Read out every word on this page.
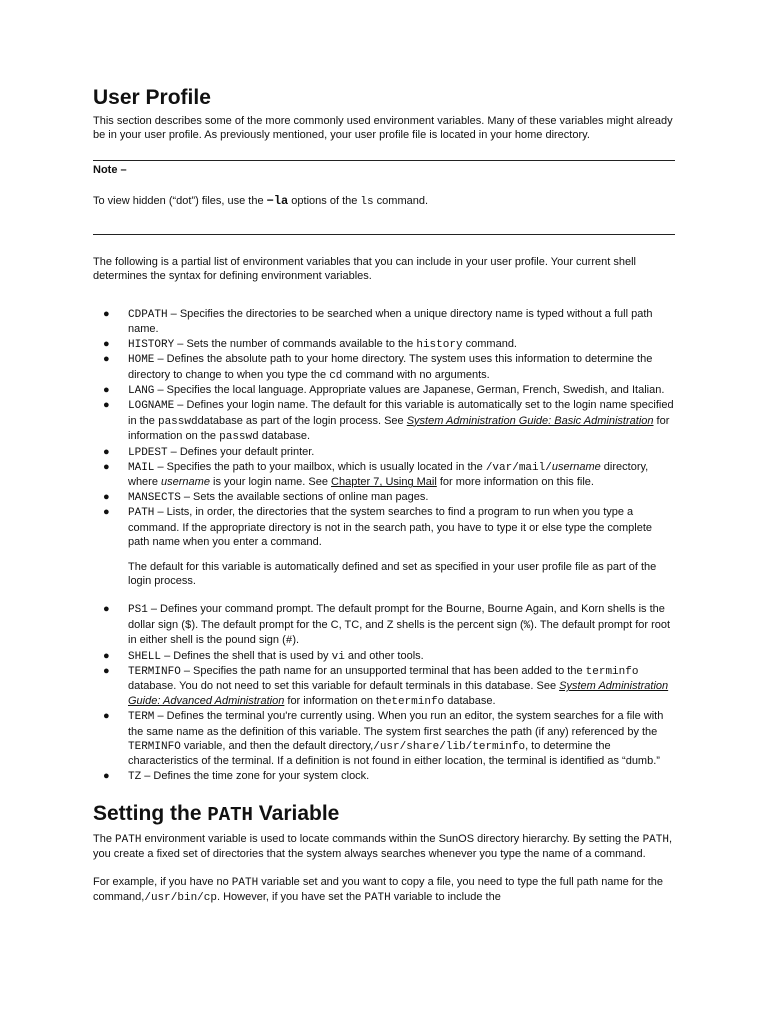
User Profile

This section describes some of the more commonly used environment variables. Many of these variables might already be in your user profile. As previously mentioned, your user profile file is located in your home directory.

Note –

To view hidden (“dot”) files, use the −la options of the ls command.

The following is a partial list of environment variables that you can include in your user profile. Your current shell determines the syntax for defining environment variables.

● CDPATH – Specifies the directories to be searched when a unique directory name is typed without a full path name.
● HISTORY – Sets the number of commands available to the history command.
● HOME – Defines the absolute path to your home directory. The system uses this information to determine the directory to change to when you type the cd command with no arguments.
● LANG – Specifies the local language. Appropriate values are Japanese, German, French, Swedish, and Italian.
● LOGNAME – Defines your login name. The default for this variable is automatically set to the login name specified in the passwddatabase as part of the login process. See System Administration Guide: Basic Administration for information on the passwd database.
● LPDEST – Defines your default printer.
● MAIL – Specifies the path to your mailbox, which is usually located in the /var/mail/username directory, where username is your login name. See Chapter 7, Using Mail for more information on this file.
● MANSECTS – Sets the available sections of online man pages.
● PATH – Lists, in order, the directories that the system searches to find a program to run when you type a command. If the appropriate directory is not in the search path, you have to type it or else type the complete path name when you enter a command.
The default for this variable is automatically defined and set as specified in your user profile file as part of the login process.
● PS1 – Defines your command prompt. The default prompt for the Bourne, Bourne Again, and Korn shells is the dollar sign ($). The default prompt for the C, TC, and Z shells is the percent sign (%). The default prompt for root in either shell is the pound sign (#).
● SHELL – Defines the shell that is used by vi and other tools.
● TERMINFO – Specifies the path name for an unsupported terminal that has been added to the terminfo database. You do not need to set this variable for default terminals in this database. See System Administration Guide: Advanced Administration for information on theterminfo database.
● TERM – Defines the terminal you're currently using. When you run an editor, the system searches for a file with the same name as the definition of this variable. The system first searches the path (if any) referenced by the TERMINFO variable, and then the default directory,/usr/share/lib/terminfo, to determine the characteristics of the terminal. If a definition is not found in either location, the terminal is identified as “dumb.”
● TZ – Defines the time zone for your system clock.
Setting the PATH Variable

The PATH environment variable is used to locate commands within the SunOS directory hierarchy. By setting the PATH, you create a fixed set of directories that the system always searches whenever you type the name of a command.

For example, if you have no PATH variable set and you want to copy a file, you need to type the full path name for the command,/usr/bin/cp. However, if you have set the PATH variable to include the
